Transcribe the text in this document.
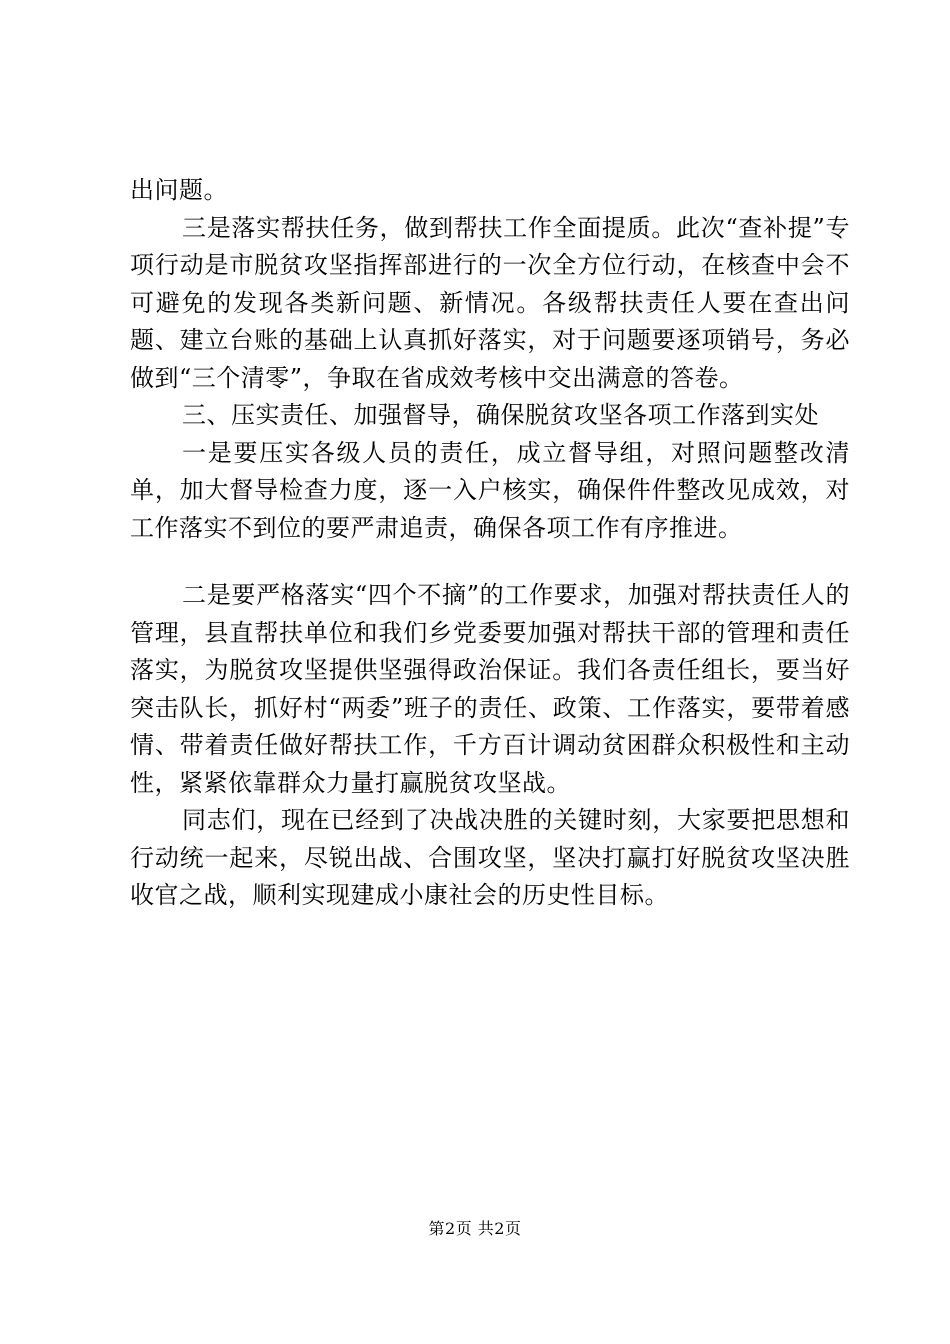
出问题。

三是落实帮扶任务，做到帮扶工作全面提质。此次“查补提”专项行动是市脱贫攻坚指挥部进行的一次全方位行动，在核查中会不可避免的发现各类新问题、新情况。各级帮扶责任人要在查出问题、建立台账的基础上认真抓好落实，对于问题要逐项销号，务必做到“三个清零”，争取在省成效考核中交出满意的答卷。

三、压实责任、加强督导，确保脱贫攻坚各项工作落到实处

一是要压实各级人员的责任，成立督导组，对照问题整改清单，加大督导检查力度，逐一入户核实，确保件件整改见成效，对工作落实不到位的要严肃追责，确保各项工作有序推进。

二是要严格落实“四个不摘”的工作要求，加强对帮扶责任人的管理，县直帮扶单位和我们乡党委要加强对帮扶干部的管理和责任落实，为脱贫攻坚提供坚强得政治保证。我们各责任组长，要当好突击队长，抓好村“两委”班子的责任、政策、工作落实，要带着感情、带着责任做好帮扶工作，千方百计调动贫困群众积极性和主动性，紧紧依靠群众力量打赢脱贫攻坚战。

同志们，现在已经到了决战决胜的关键时刻，大家要把思想和行动统一起来，尽锐出战、合围攻坚，坚决打赢打好脱贫攻坚决胜收官之战，顺利实现建成小康社会的历史性目标。

第2页 共2页
